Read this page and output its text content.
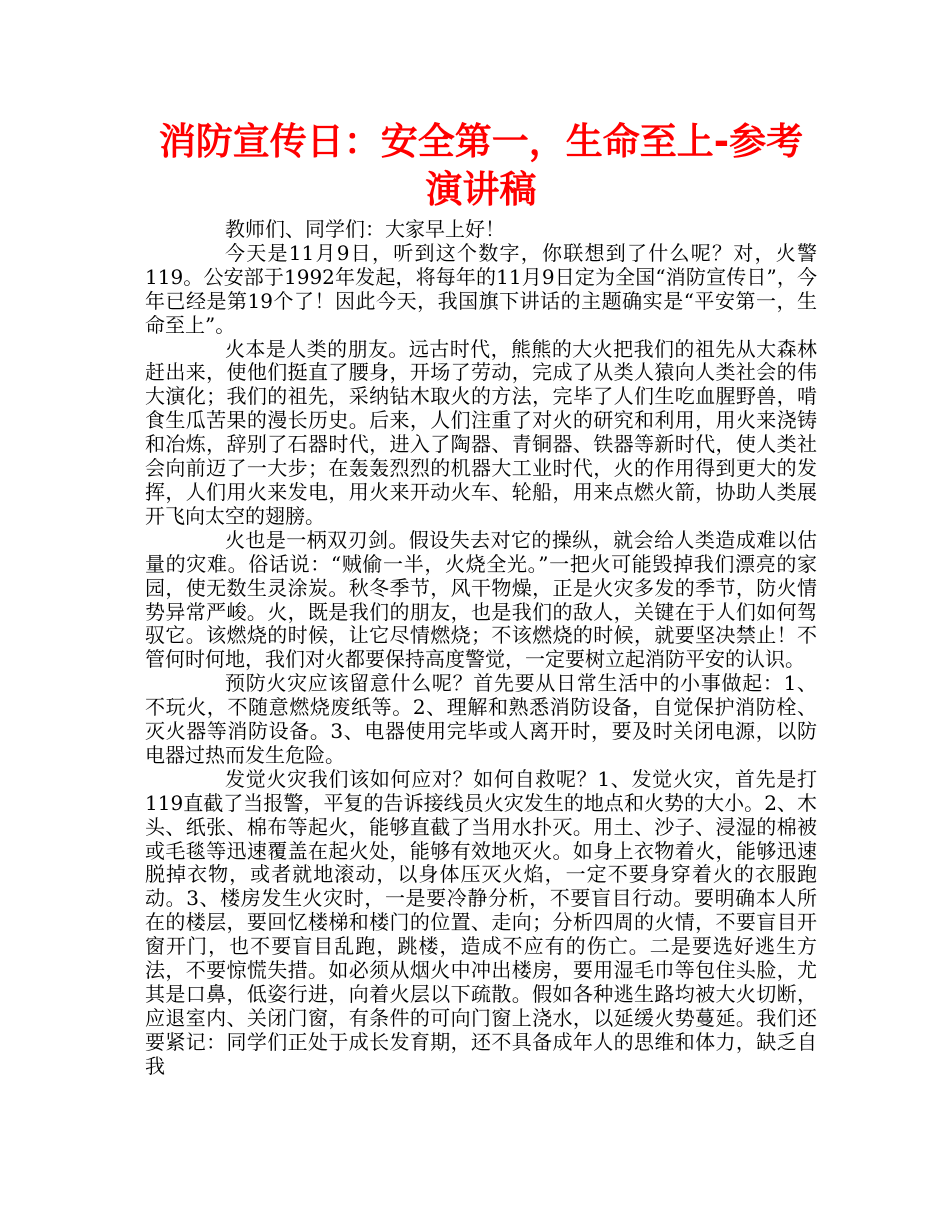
消防宣传日：安全第一，生命至上-参考演讲稿

教师们、同学们：大家早上好！

今天是11月9日，听到这个数字，你联想到了什么呢？对，火警119。公安部于1992年发起，将每年的11月9日定为全国“消防宣传日”，今年已经是第19个了！因此今天，我国旗下讲话的主题确实是“平安第一，生命至上”。

火本是人类的朋友。远古时代，熊熊的大火把我们的祖先从大森林赶出来，使他们挺直了腰身，开场了劳动，完成了从类人猿向人类社会的伟大演化；我们的祖先，采纳钻木取火的方法，完毕了人们生吃血腥野兽，啃食生瓜苦果的漫长历史。后来，人们注重了对火的研究和利用，用火来浇铸和冶炼，辞别了石器时代，进入了陶器、青铜器、铁器等新时代，使人类社会向前迈了一大步；在轰轰烈烈的机器大工业时代，火的作用得到更大的发挥，人们用火来发电，用火来开动火车、轮船，用来点燃火箭，协助人类展开飞向太空的翅膀。

火也是一柄双刃剑。假设失去对它的操纵，就会给人类造成难以估量的灾难。俗话说：“贼偷一半，火烧全光。”一把火可能毁掉我们漂亮的家园，使无数生灵涂炭。秋冬季节，风干物燥，正是火灾多发的季节，防火情势异常严峻。火，既是我们的朋友，也是我们的敌人，关键在于人们如何驾驭它。该燃烧的时候，让它尽情燃烧；不该燃烧的时候，就要坚决禁止！不管何时何地，我们对火都要保持高度警觉，一定要树立起消防平安的认识。

预防火灾应该留意什么呢？首先要从日常生活中的小事做起：1、不玩火，不随意燃烧废纸等。2、理解和熟悉消防设备，自觉保护消防栓、灭火器等消防设备。3、电器使用完毕或人离开时，要及时关闭电源，以防电器过热而发生危险。

发觉火灾我们该如何应对？如何自救呢？1、发觉火灾，首先是打119直截了当报警，平复的告诉接线员火灾发生的地点和火势的大小。2、木头、纸张、棉布等起火，能够直截了当用水扑灭。用土、沙子、浸湿的棉被或毛毯等迅速覆盖在起火处，能够有效地灭火。如身上衣物着火，能够迅速脱掉衣物，或者就地滚动，以身体压灭火焰，一定不要身穿着火的衣服跑动。3、楼房发生火灾时，一是要冷静分析，不要盲目行动。要明确本人所在的楼层，要回忆楼梯和楼门的位置、走向；分析四周的火情，不要盲目开窗开门，也不要盲目乱跑，跳楼，造成不应有的伤亡。二是要选好逃生方法，不要惊慌失措。如必须从烟火中冲出楼房，要用湿毛巾等包住头脸，尤其是口鼻，低姿行进，向着火层以下疏散。假如各种逃生路均被大火切断，应退室内、关闭门窗，有条件的可向门窗上浇水，以延缓火势蔓延。我们还要紧记：同学们正处于成长发育期，还不具备成年人的思维和体力，缺乏自我
